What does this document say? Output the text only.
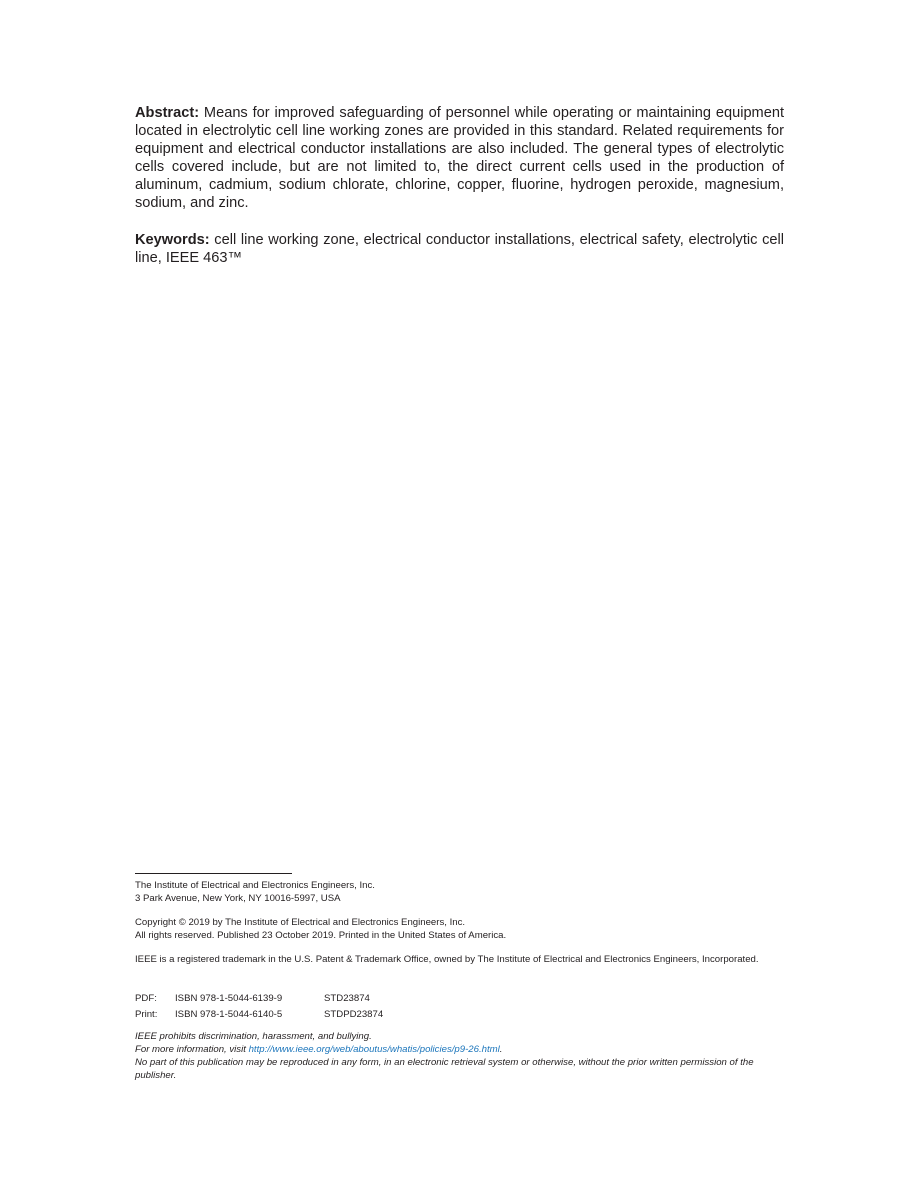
Abstract: Means for improved safeguarding of personnel while operating or maintaining equipment located in electrolytic cell line working zones are provided in this standard. Related requirements for equipment and electrical conductor installations are also included. The general types of electrolytic cells covered include, but are not limited to, the direct current cells used in the production of aluminum, cadmium, sodium chlorate, chlorine, copper, fluorine, hydrogen peroxide, magnesium, sodium, and zinc.

Keywords: cell line working zone, electrical conductor installations, electrical safety, electrolytic cell line, IEEE 463™

The Institute of Electrical and Electronics Engineers, Inc.
3 Park Avenue, New York, NY 10016-5997, USA
Copyright © 2019 by The Institute of Electrical and Electronics Engineers, Inc.
All rights reserved. Published 23 October 2019. Printed in the United States of America.
IEEE is a registered trademark in the U.S. Patent & Trademark Office, owned by The Institute of Electrical and Electronics Engineers, Incorporated.
PDF:	ISBN 978-1-5044-6139-9	STD23874
Print:	ISBN 978-1-5044-6140-5	STDPD23874
IEEE prohibits discrimination, harassment, and bullying.
For more information, visit http://www.ieee.org/web/aboutus/whatis/policies/p9-26.html.
No part of this publication may be reproduced in any form, in an electronic retrieval system or otherwise, without the prior written permission of the publisher.
